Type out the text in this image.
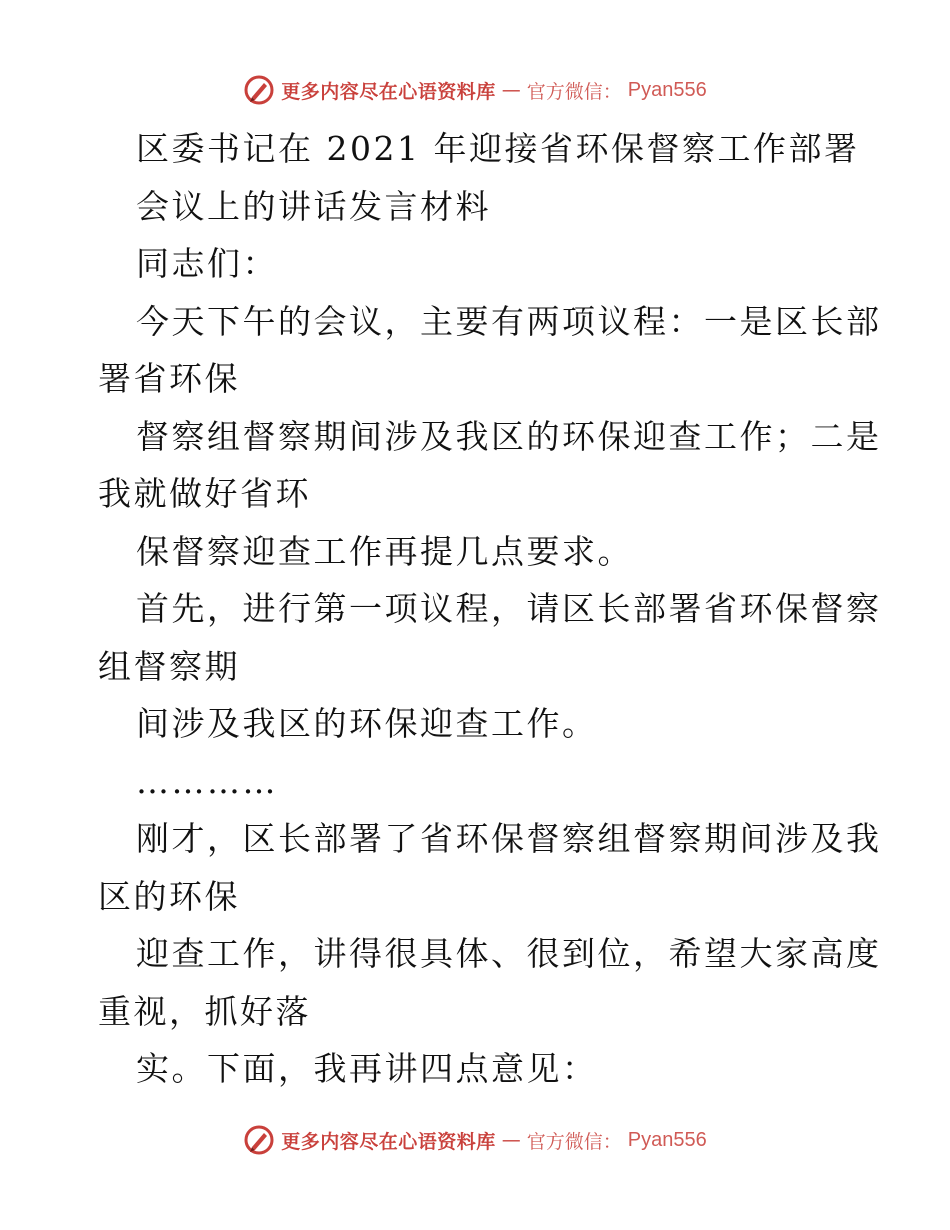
更多内容尽在心语资料库 — 官方微信： Pyan556
区委书记在 2021 年迎接省环保督察工作部署
会议上的讲话发言材料
同志们：
今天下午的会议，主要有两项议程：一是区长部
署省环保
督察组督察期间涉及我区的环保迎查工作；二是
我就做好省环
保督察迎查工作再提几点要求。
首先，进行第一项议程，请区长部署省环保督察
组督察期
间涉及我区的环保迎查工作。
…………
刚才，区长部署了省环保督察组督察期间涉及我
区的环保
迎查工作，讲得很具体、很到位，希望大家高度
重视，抓好落
实。下面，我再讲四点意见：
更多内容尽在心语资料库 — 官方微信： Pyan556
